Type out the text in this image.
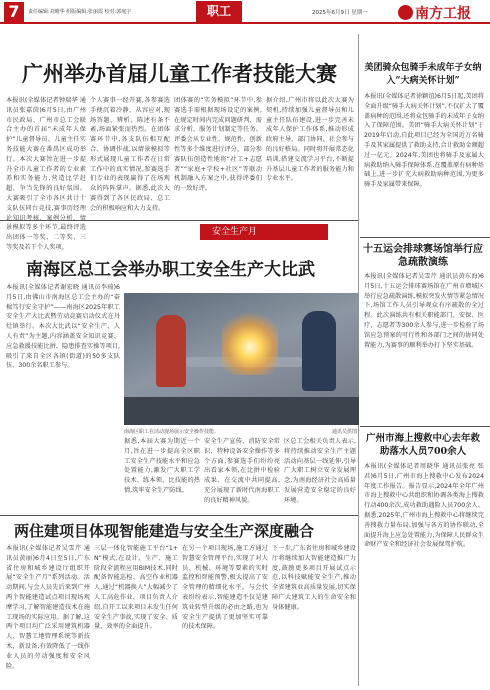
7	责任编辑:刘晴华 组版编辑:张丽霞 校对:郭庭宇	职工	2025年6月9日 星期一	南方工报
广州举办首届儿童工作者技能大赛
本报讯(全媒体记者钟瑞华 通讯员张嘉茵)6月5日,由广州市民政局、广州市总工会联合主办的首届“未成年人保护”儿童督导员、儿童主任实务技能大赛在番禺区成功举行。本次大赛旨在进一步提升全市儿童工作者的专业素养和实务能力,营造比学赶超、争当先锋的良好氛围。大赛吸引了全市各区共计十支队伍同台竞技,赛事历经理论知识考核、案例分析、情景模拟等多个环节,最终评选出团体一等奖、二等奖、三等奖及若干个人奖项。
个人赛事一经开赛,各参赛选手便沉着冷静、从容应对,现场答题、辨析、陈述有条不紊,场面紧张而热烈。在团体赛环节中,各支队伍相互配合、协调作战,以情景模拟等形式展现儿童工作者在日常工作中的真实情况,参赛选手们专业的表现赢得了在场观众的阵阵掌声。据悉,此次大赛得到了各区民政局、总工会的积极响应和大力支持。
团体赛的“实务模拟”环节中,参赛选手需根据现场设定的案例,在规定时间内完成问题研判、需求分析、服务计划制定等任务。评委会从专业性、规范性、创新性等多个维度进行评分。部分参赛队伍创造性地将“社工+志愿者”“家庭+学校+社区”等联动机制融入方案之中,获得评委们的一致好评。
据介绍,广州市将以此次大赛为契机,持续加强儿童督导员和儿童主任队伍建设,进一步完善未成年人保护工作体系,推动形成政府主导、部门协同、社会参与的良好格局。同时将开展常态化培训,搭建交流学习平台,不断提升基层儿童工作者的服务能力和专业水平。
美团骑众包骑手未成年子女纳入“大病关怀计划”
本报讯(全媒体记者徐颖谊)6月5日起,美团将全面升级“骑手大病关怀计划”,不仅扩大了覆盖病种的范围,还将众包骑手的未成年子女纳入了保障范围。美团“骑手大病关怀计划”于2019年启动,自此项目已经为全国近万名骑手及其家属提供了救助支持,合计救助金额超过一亿元。2024年,美团也将骑手及家属大病救助纳入骑手保障体系,在覆盖原有病种基础上,进一步扩充大病救助病种范围,为更多骑手及家属带来保障。
安全生产月
南海区总工会举办职工安全生产大比武
本报讯(全媒体记者谢宏晓 通讯员李琦)6月5日,由佛山市南海区总工会主办的“奋楫笃行安全守护”——南海区2025年职工安全生产大比武暨劳动竞赛启动仪式在丹灶镇举行。本次大比武以“安全生产、人人有责”为主题,内容涵盖安全知识竞赛、应急救援技能比拼、隐患排查实操等项目,吸引了来自全区各镇(街道)的50多支队伍、300余名职工参与。
南海区职工在活动现场展示安全操作技能。	通讯员供图
据悉,本届大赛为期近一个月,旨在进一步提高全区职工安全生产技能水平和应急处置能力,激发广大职工学技术、练本领、比技能的热情,筑牢安全生产防线。
安全生产宣传、消防安全常识、特种设备安全操作等多个方面,参赛选手们纷纷亮出看家本领,在比拼中检验成果、在交流中共同提高,充分展现了新时代南海职工的良好精神风貌。
区总工会相关负责人表示,将持续推动安全生产主题活动向基层一线延伸,引导广大职工树立安全发展理念,为南海经济社会高质量发展营造安全稳定的良好环境。
十五运会排球赛场馆举行应急疏散演练
本报讯(全媒体记者吴雪芹 通讯员黄东海)6月5日,十五运会排球赛场馆在广州市增城区举行应急疏散演练,模拟突发火情等紧急情况下,场馆工作人员引导观众有序疏散的全过程。此次演练共有相关职能部门、安保、医疗、志愿者等300余人参与,进一步检验了场馆应急预案的可行性和各部门之间的协同处置能力,为赛事的顺利举办打下坚实基础。
广州市海上搜救中心去年救助落水人员700余人
本报讯(全媒体记者周晓华 通讯员张亮 张君)6月5日,广州市海上搜救中心发布2024年度工作报告。报告显示,2024年全年广州市海上搜救中心共组织和协调各类海上搜救行动400余次,成功救助遇险人员700余人。据悉,2025年,广州市海上搜救中心将继续完善搜救力量布局,加强与各方的协作联动,全面提升海上应急处置能力,为保障人民群众生命财产安全和经济社会发展保驾护航。
两住建项目体现智能建造与安全生产深度融合
本报讯(全媒体记者吴雪芹 通讯员黄丽)6月4日至5日,广东省住房和城乡建设厅组织开展“安全生产月”系列活动。活动期间,与会人员先后来到广州两个智能建造试点项目现场观摩学习,了解智能建造技术在施工现场的实际应用。据了解,这两个项目均广泛采用建筑机器人、智慧工地管理系统等新技术、新设备,有效降低了一线作业人员的劳动强度和安全风险。
三层一体化智能施工平台“1+N”模式,在设计、生产、施工阶段全流程应用BIM技术,同时配备智能巡检、高空作业机器人,通过“机器换人”大幅减少了人工高危作业。项目负责人介绍,自开工以来项目未发生任何安全生产事故,实现了安全、质量、效率的全面提升。
在另一个项目现场,施工方通过智慧安全管理平台,实现了对人员、机械、环境等要素的实时监控和智能预警,极大提高了安全管理的精细化水平。与会代表纷纷表示,智能建造不仅是建筑业转型升级的必由之路,也为安全生产提供了更加坚实可靠的技术保障。
下一步,广东省住房和城乡建设厅将继续加大智能建造推广力度,鼓励更多项目开展试点示范,以科技赋能安全生产,推动全省建筑业高质量发展,切实保障广大建筑工人的生命安全和身体健康。
